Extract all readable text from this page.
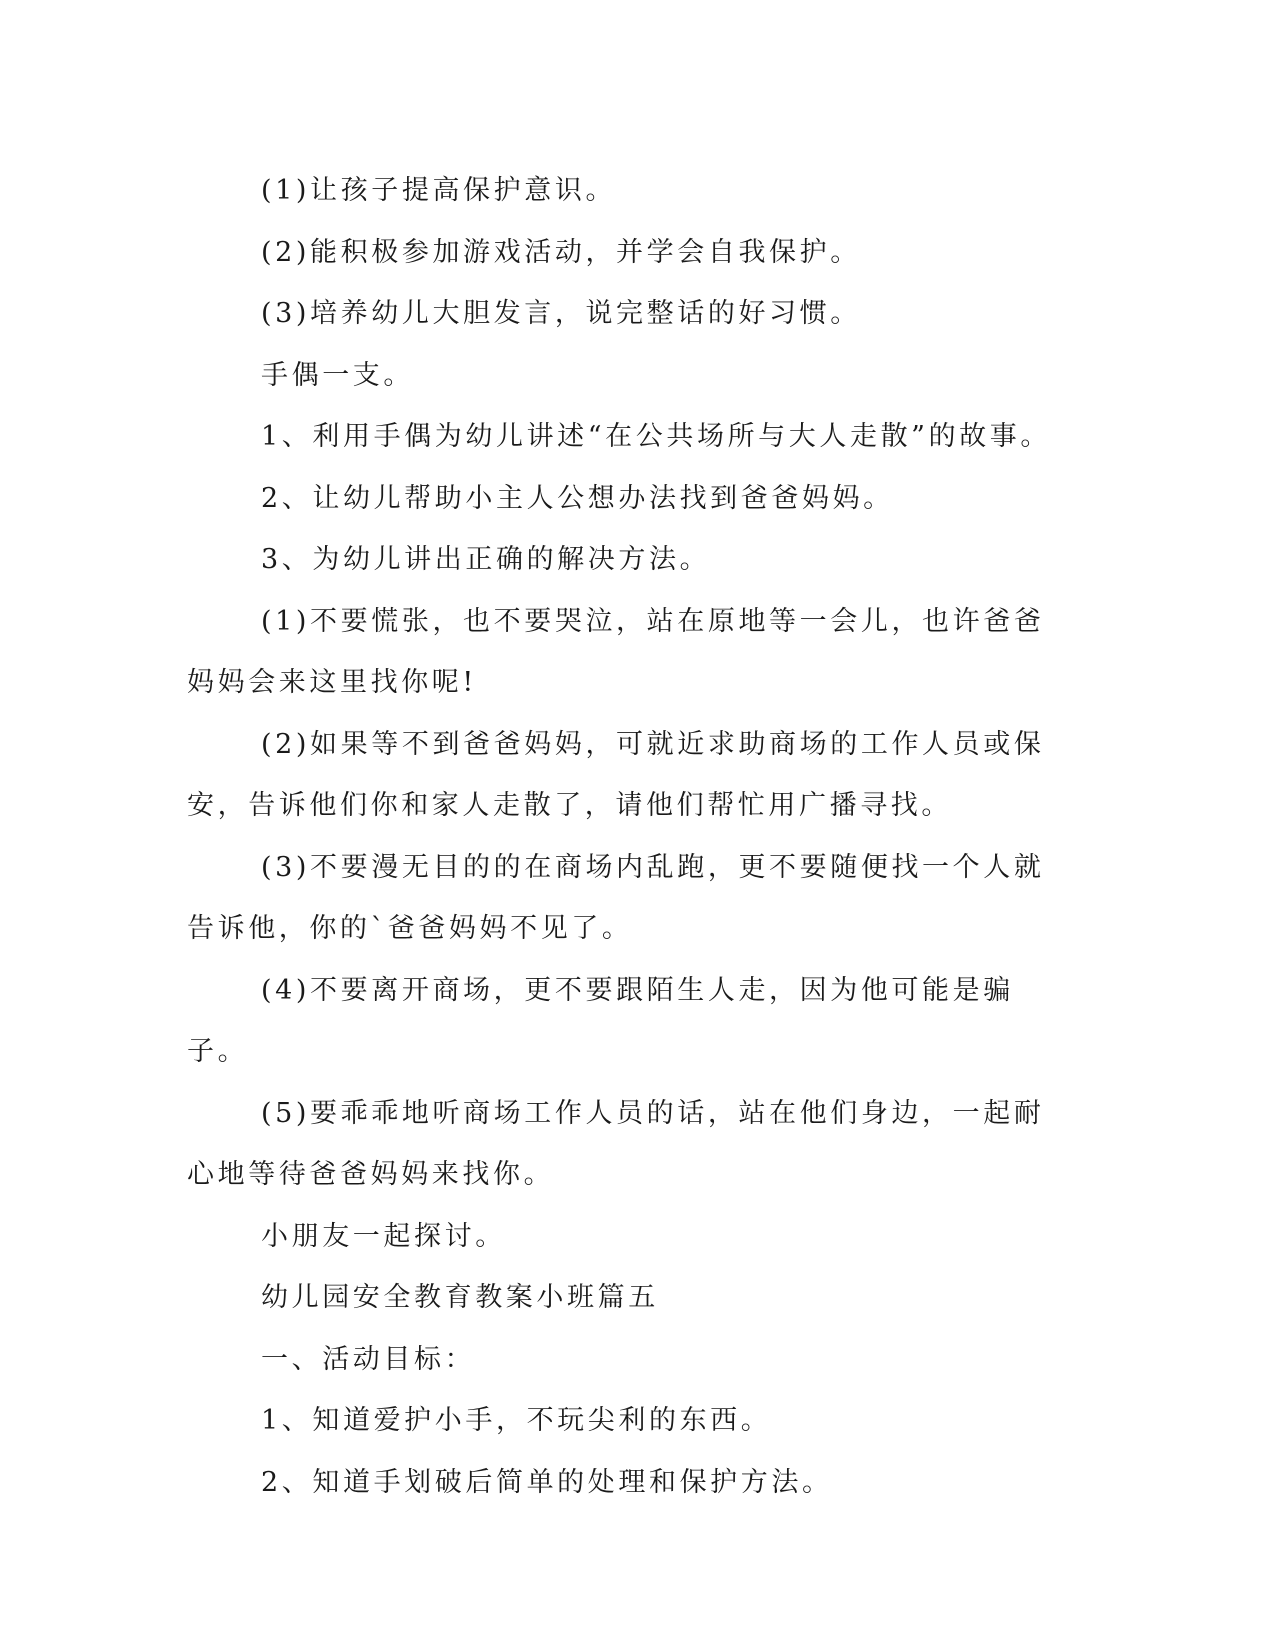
(1)让孩子提高保护意识。

(2)能积极参加游戏活动，并学会自我保护。

(3)培养幼儿大胆发言，说完整话的好习惯。

手偶一支。

1、利用手偶为幼儿讲述“在公共场所与大人走散”的故事。

2、让幼儿帮助小主人公想办法找到爸爸妈妈。

3、为幼儿讲出正确的解决方法。

(1)不要慌张，也不要哭泣，站在原地等一会儿，也许爸爸妈妈会来这里找你呢!

(2)如果等不到爸爸妈妈，可就近求助商场的工作人员或保安，告诉他们你和家人走散了，请他们帮忙用广播寻找。

(3)不要漫无目的的在商场内乱跑，更不要随便找一个人就告诉他，你的`爸爸妈妈不见了。

(4)不要离开商场，更不要跟陌生人走，因为他可能是骗子。

(5)要乖乖地听商场工作人员的话，站在他们身边，一起耐心地等待爸爸妈妈来找你。

小朋友一起探讨。

幼儿园安全教育教案小班篇五

一、活动目标：

1、知道爱护小手，不玩尖利的东西。

2、知道手划破后简单的处理和保护方法。
